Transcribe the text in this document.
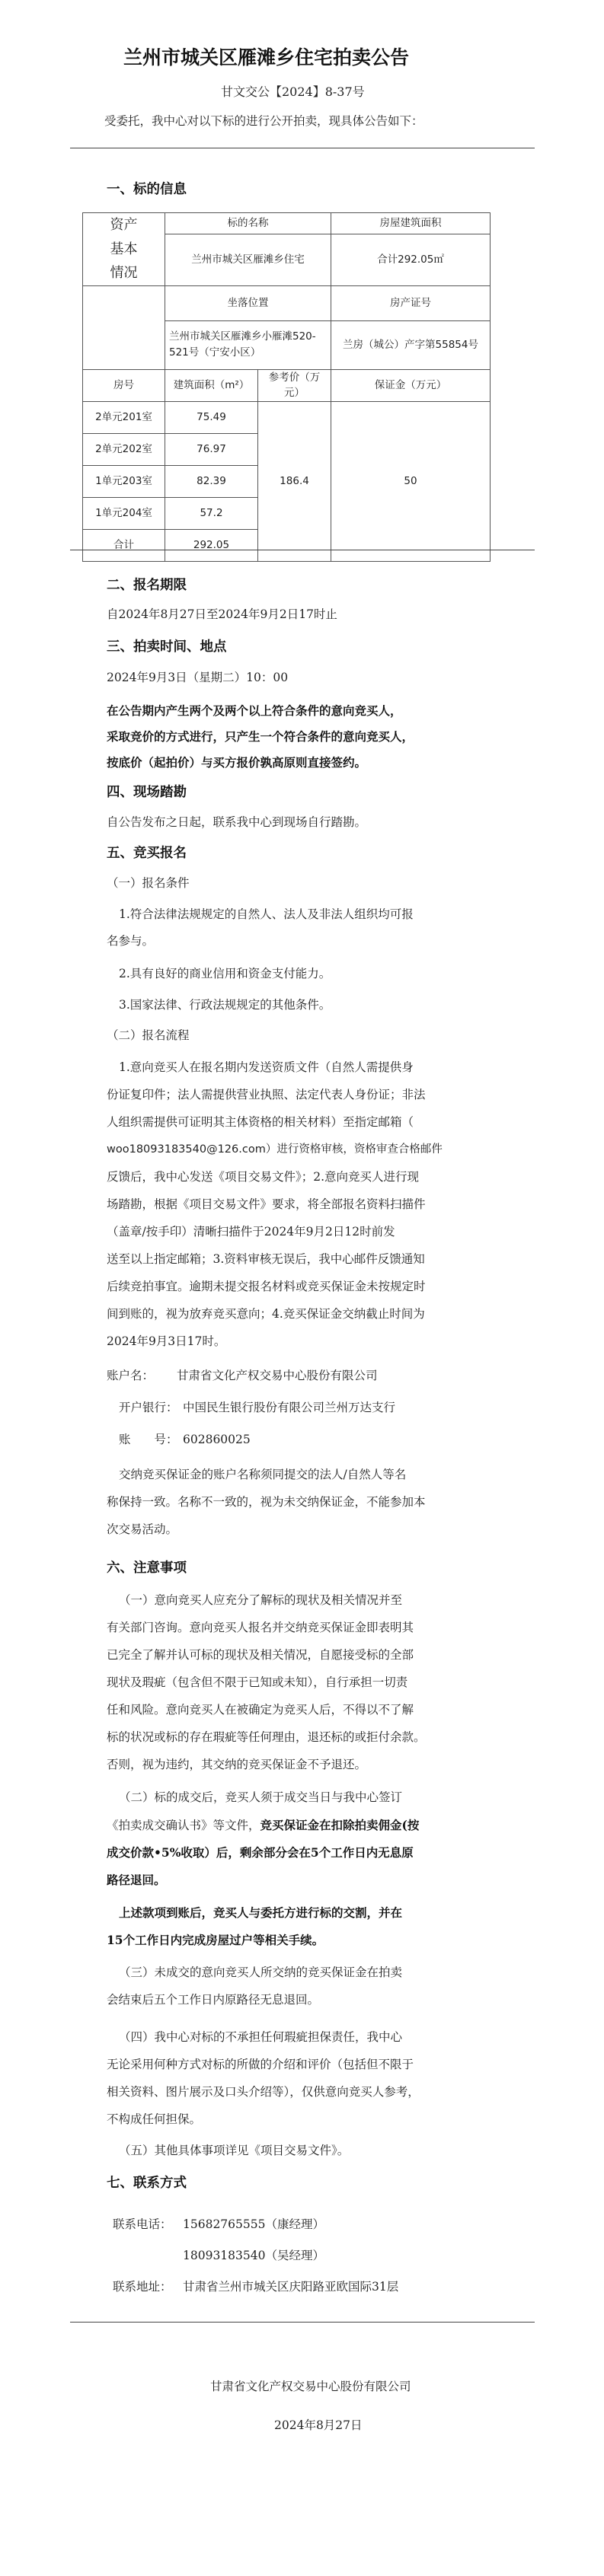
兰州市城关区雁滩乡住宅拍卖公告

甘文交公【2024】8-37号

受委托，我中心对以下标的进行公开拍卖，现具体公告如下：

一、标的信息

资产基本情况	标的名称		房屋建筑面积
	兰州市城关区雁滩乡住宅		合计292.05㎡
	坐落位置		房产证号
	兰州市城关区雁滩乡小雁滩520-521号（宁安小区）		兰房（城公）产字第55854号
房号	建筑面积（m²）	参考价（万元）	保证金（万元）
2单元201室	75.49	186.4	50
2单元202室	76.97		
1单元203室	82.39		
1单元204室	57.2		
合计	292.05		

二、报名期限

自2024年8月27日至2024年9月2日17时止

三、拍卖时间、地点

2024年9月3日（星期二）10：00

在公告期内产生两个及两个以上符合条件的意向竞买人，

采取竞价的方式进行，只产生一个符合条件的意向竞买人，

按底价（起拍价）与买方报价孰高原则直接签约。

四、现场踏勘

自公告发布之日起，联系我中心到现场自行踏勘。

五、竞买报名

（一）报名条件

1.符合法律法规规定的自然人、法人及非法人组织均可报

名参与。

2.具有良好的商业信用和资金支付能力。

3.国家法律、行政法规规定的其他条件。

（二）报名流程

1.意向竞买人在报名期内发送资质文件（自然人需提供身

份证复印件；法人需提供营业执照、法定代表人身份证；非法

人组织需提供可证明其主体资格的相关材料）至指定邮箱（

woo18093183540@126.com）进行资格审核，资格审查合格邮件

反馈后，我中心发送《项目交易文件》；2.意向竞买人进行现

场踏勘，根据《项目交易文件》要求，将全部报名资料扫描件

（盖章/按手印）清晰扫描件于2024年9月2日12时前发

送至以上指定邮箱；3.资料审核无误后，我中心邮件反馈通知

后续竞拍事宜。逾期未提交报名材料或竞买保证金未按规定时

间到账的，视为放弃竞买意向；4.竞买保证金交纳截止时间为

2024年9月3日17时。

账户名： 甘肃省文化产权交易中心股份有限公司

开户银行： 中国民生银行股份有限公司兰州万达支行

账　　号： 602860025

交纳竞买保证金的账户名称须同提交的法人/自然人等名

称保持一致。名称不一致的，视为未交纳保证金，不能参加本

次交易活动。

六、注意事项

（一）意向竞买人应充分了解标的现状及相关情况并至

有关部门咨询。意向竞买人报名并交纳竞买保证金即表明其

已完全了解并认可标的现状及相关情况，自愿接受标的全部

现状及瑕疵（包含但不限于已知或未知），自行承担一切责

任和风险。意向竞买人在被确定为竞买人后，不得以不了解

标的状况或标的存在瑕疵等任何理由，退还标的或拒付余款。

否则，视为违约，其交纳的竞买保证金不予退还。

（二）标的成交后，竞买人须于成交当日与我中心签订

《拍卖成交确认书》等文件，竞买保证金在扣除拍卖佣金(按

成交价款•5%收取）后，剩余部分会在5个工作日内无息原

路径退回。

上述款项到账后，竞买人与委托方进行标的交割，并在

15个工作日内完成房屋过户等相关手续。

（三）未成交的意向竞买人所交纳的竞买保证金在拍卖

会结束后五个工作日内原路径无息退回。

（四）我中心对标的不承担任何瑕疵担保责任，我中心

无论采用何种方式对标的所做的介绍和评价（包括但不限于

相关资料、图片展示及口头介绍等），仅供意向竞买人参考，

不构成任何担保。

（五）其他具体事项详见《项目交易文件》。

七、联系方式

联系电话： 15682765555（康经理）

18093183540（吴经理）

联系地址： 甘肃省兰州市城关区庆阳路亚欧国际31层

甘肃省文化产权交易中心股份有限公司

2024年8月27日
